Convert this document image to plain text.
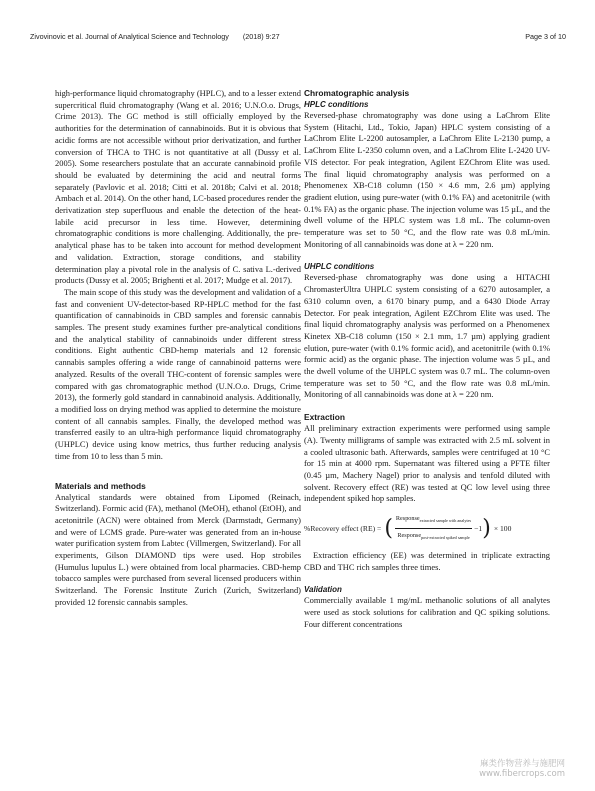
Zivovinovic et al. Journal of Analytical Science and Technology (2018) 9:27	Page 3 of 10

high-performance liquid chromatography (HPLC), and to a lesser extend supercritical fluid chromatography (Wang et al. 2016; U.N.O.o. Drugs, Crime 2013). The GC method is still officially employed by the authorities for the determination of cannabinoids. But it is obvious that acidic forms are not accessible without prior derivatization, and further conversion of THCA to THC is not quantitative at all (Dussy et al. 2005). Some researchers postulate that an accurate cannabinoid profile should be evaluated by determining the acid and neutral forms separately (Pavlovic et al. 2018; Citti et al. 2018b; Calvi et al. 2018; Ambach et al. 2014). On the other hand, LC-based procedures render the derivatization step superfluous and enable the detection of the heat-labile acid precursor in less time. However, determining chromatographic conditions is more challenging. Additionally, the pre-analytical phase has to be taken into account for method development and validation. Extraction, storage conditions, and stability determination play a pivotal role in the analysis of C. sativa L.-derived products (Dussy et al. 2005; Brighenti et al. 2017; Mudge et al. 2017).

The main scope of this study was the development and validation of a fast and convenient UV-detector-based RP-HPLC method for the fast quantification of cannabinoids in CBD samples and forensic cannabis samples. The present study examines further pre-analytical conditions and the analytical stability of cannabinoids under different stress conditions. Eight authentic CBD-hemp materials and 12 forensic cannabis samples offering a wide range of cannabinoid patterns were analyzed. Results of the overall THC-content of forensic samples were compared with gas chromatographic method (U.N.O.o. Drugs, Crime 2013), the formerly gold standard in cannabinoid analysis. Additionally, a modified loss on drying method was applied to determine the moisture content of all cannabis samples. Finally, the developed method was transferred easily to an ultra-high performance liquid chromatography (UHPLC) device using know metrics, thus further reducing analysis time from 10 to less than 5 min.

Materials and methods

Analytical standards were obtained from Lipomed (Reinach, Switzerland). Formic acid (FA), methanol (MeOH), ethanol (EtOH), and acetonitrile (ACN) were obtained from Merck (Darmstadt, Germany) and were of LCMS grade. Pure-water was generated from an in-house water purification system from Labtec (Villmergen, Switzerland). For all experiments, Gilson DIAMOND tips were used. Hop strobiles (Humulus lupulus L.) were obtained from local pharmacies. CBD-hemp tobacco samples were purchased from several licensed producers within Switzerland. The Forensic Institute Zurich (Zurich, Switzerland) provided 12 forensic cannabis samples.

Chromatographic analysis
HPLC conditions

Reversed-phase chromatography was done using a LaChrom Elite System (Hitachi, Ltd., Tokio, Japan) HPLC system consisting of a LaChrom Elite L-2200 autosampler, a LaChrom Elite L-2130 pump, a LaChrom Elite L-2350 column oven, and a LaChrom Elite L-2420 UV-VIS detector. For peak integration, Agilent EZChrom Elite was used. The final liquid chromatography analysis was performed on a Phenomenex XB-C18 column (150 × 4.6 mm, 2.6 µm) applying gradient elution, using pure-water (with 0.1% FA) and acetonitrile (with 0.1% FA) as the organic phase. The injection volume was 15 µL, and the dwell volume of the HPLC system was 1.8 mL. The column-oven temperature was set to 50 °C, and the flow rate was 0.8 mL/min. Monitoring of all cannabinoids was done at λ = 220 nm.

UHPLC conditions

Reversed-phase chromatography was done using a HITACHI ChromasterUltra UHPLC system consisting of a 6270 autosampler, a 6310 column oven, a 6170 binary pump, and a 6430 Diode Array Detector. For peak integration, Agilent EZChrom Elite was used. The final liquid chromatography analysis was performed on a Phenomenex Kinetex XB-C18 column (150 × 2.1 mm, 1.7 µm) applying gradient elution, pure-water (with 0.1% formic acid), and acetonitrile (with 0.1% formic acid) as the organic phase. The injection volume was 5 µL, and the dwell volume of the UHPLC system was 0.7 mL. The column-oven temperature was set to 50 °C, and the flow rate was 0.8 mL/min. Monitoring of all cannabinoids was done at λ = 220 nm.

Extraction

All preliminary extraction experiments were performed using sample (A). Twenty milligrams of sample was extracted with 2.5 mL solvent in a cooled ultrasonic bath. Afterwards, samples were centrifuged at 10 °C for 15 min at 4000 rpm. Supernatant was filtered using a PFTE filter (0.45 µm, Machery Nagel) prior to analysis and tenfold diluted with solvent. Recovery effect (RE) was tested at QC low level using three independent spiked hop samples.

%Recovery effect (RE) = ( $\frac{Response_{extracted sample with analytes}}{Response_{post-extracted spiked sample}} -1$ ) × 100

Extraction efficiency (EE) was determined in triplicate extracting CBD and THC rich samples three times.

Validation

Commercially available 1 mg/mL methanolic solutions of all analytes were used as stock solutions for calibration and QC spiking solutions. Four different concentrations

麻类作物营养与施肥网
www.fibercrops.com
